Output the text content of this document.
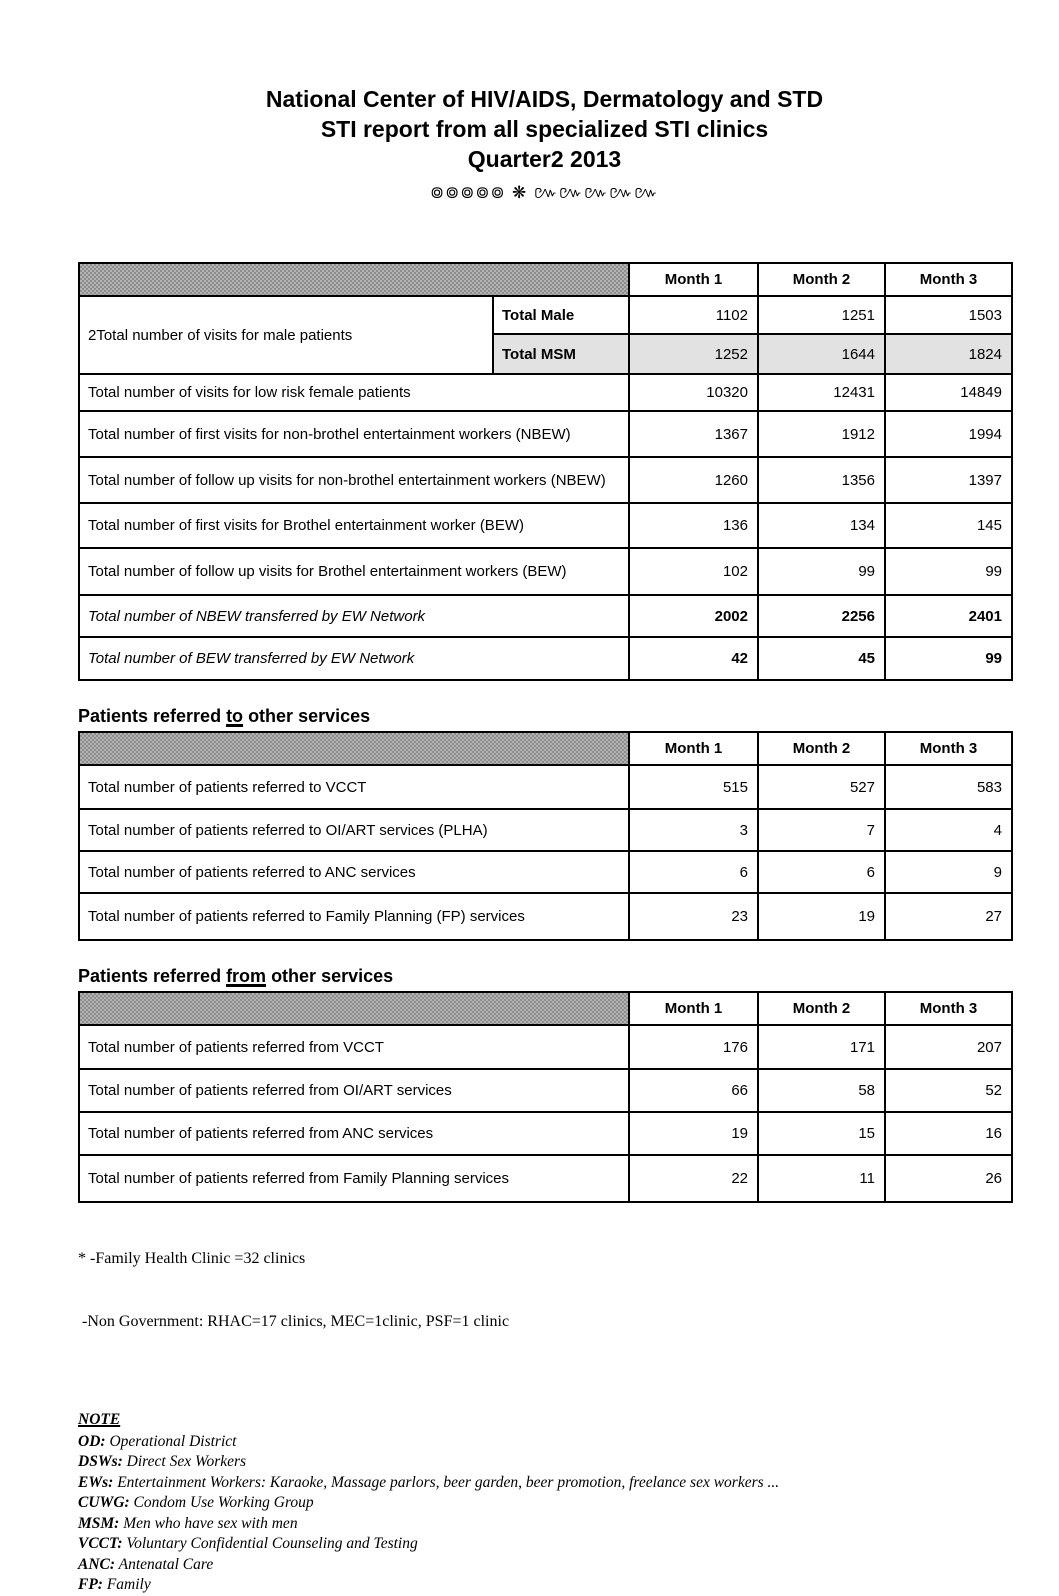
National Center of HIV/AIDS, Dermatology and STD
STI report from all specialized STI clinics
Quarter2 2013
៙៙៙៙៙ ❋ ៚៚៚៚៚
		Month 1	Month 2	Month 3
2Total number of visits for male patients	Total Male	1102	1251	1503
	Total MSM	1252	1644	1824
Total number of visits for low risk female patients		10320	12431	14849
Total number of first visits for non-brothel entertainment workers (NBEW)		1367	1912	1994
Total number of follow up visits for non-brothel entertainment workers (NBEW)		1260	1356	1397
Total number of first visits for Brothel entertainment worker (BEW)		136	134	145
Total number of follow up visits for Brothel entertainment workers (BEW)		102	99	99
Total number of NBEW transferred by EW Network		2002	2256	2401
Total number of BEW transferred by EW Network		42	45	99
Patients referred to other services
	Month 1	Month 2	Month 3
Total number of patients referred to VCCT	515	527	583
Total number of patients referred to OI/ART services (PLHA)	3	7	4
Total number of patients referred to ANC services	6	6	9
Total number of patients referred to Family Planning (FP) services	23	19	27
Patients referred from other services
	Month 1	Month 2	Month 3
Total number of patients referred from VCCT	176	171	207
Total number of patients referred from OI/ART services	66	58	52
Total number of patients referred from ANC services	19	15	16
Total number of patients referred from Family Planning services	22	11	26

* -Family Health Clinic =32 clinics

-Non Government: RHAC=17 clinics, MEC=1clinic, PSF=1 clinic

NOTE
OD: Operational District
DSWs: Direct Sex Workers
EWs: Entertainment Workers: Karaoke, Massage parlors, beer garden, beer promotion, freelance sex workers ...
CUWG: Condom Use Working Group
MSM: Men who have sex with men
VCCT: Voluntary Confidential Counseling and Testing
ANC: Antenatal Care
FP: Family
